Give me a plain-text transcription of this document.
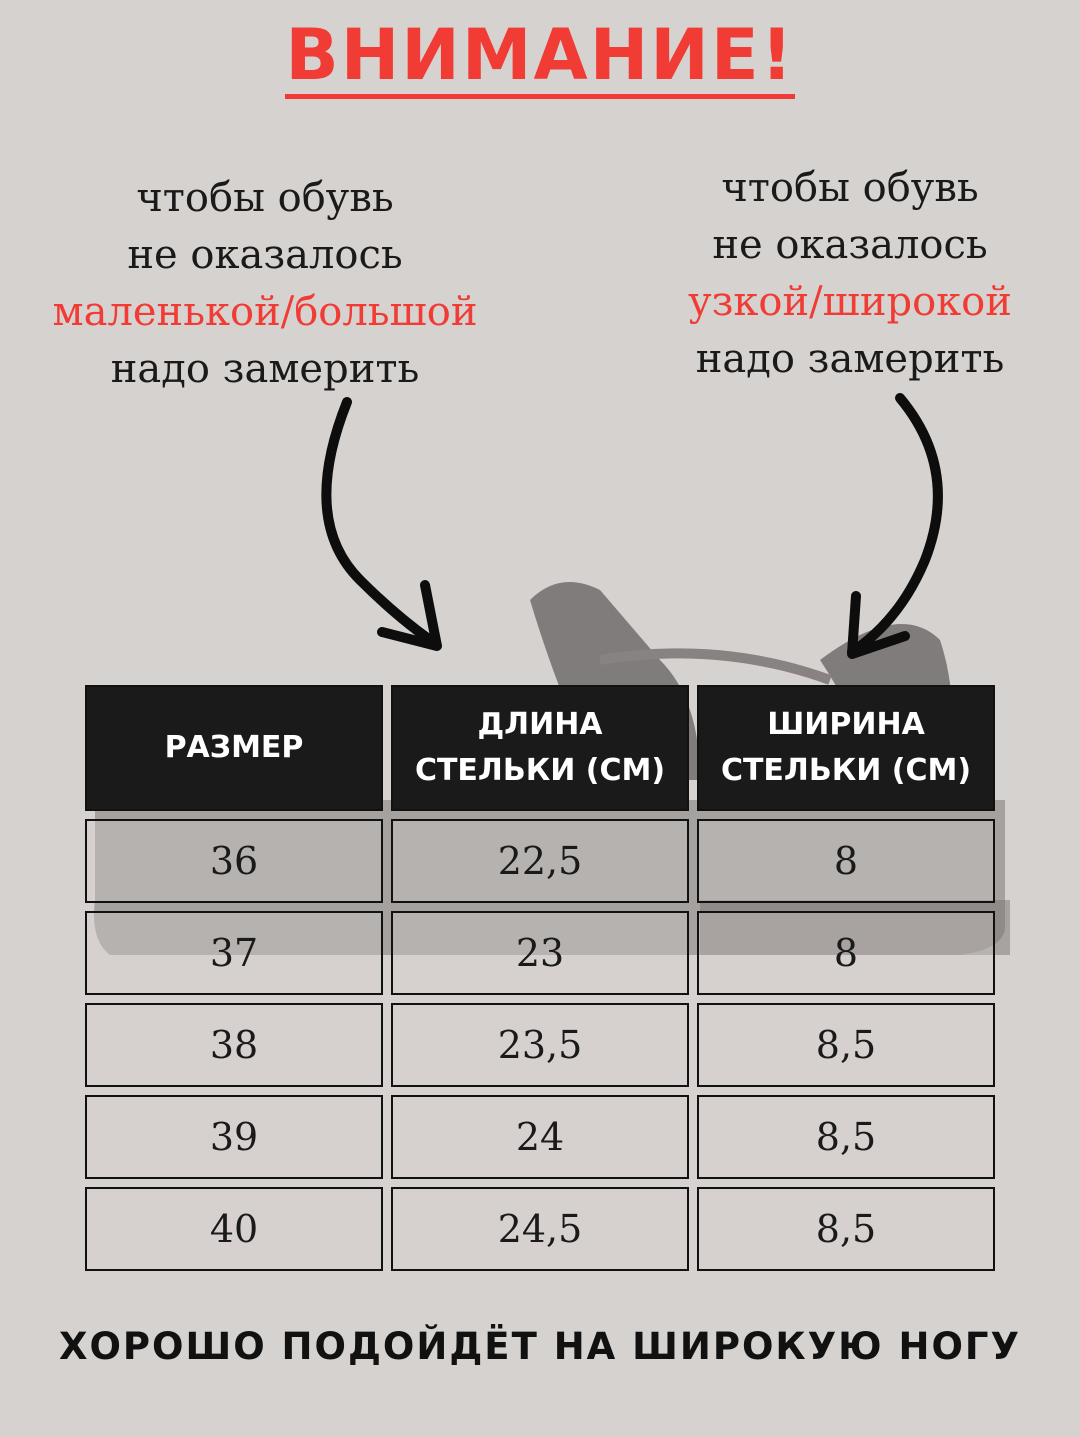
ВНИМАНИЕ!
чтобы обувь
не оказалось
маленькой/большой
надо замерить
чтобы обувь
не оказалось
узкой/широкой
надо замерить
РАЗМЕР	ДЛИНА СТЕЛЬКИ (СМ)	ШИРИНА СТЕЛЬКИ (СМ)
36	22,5	8
37	23	8
38	23,5	8,5
39	24	8,5
40	24,5	8,5
ХОРОШО ПОДОЙДЁТ НА ШИРОКУЮ НОГУ
